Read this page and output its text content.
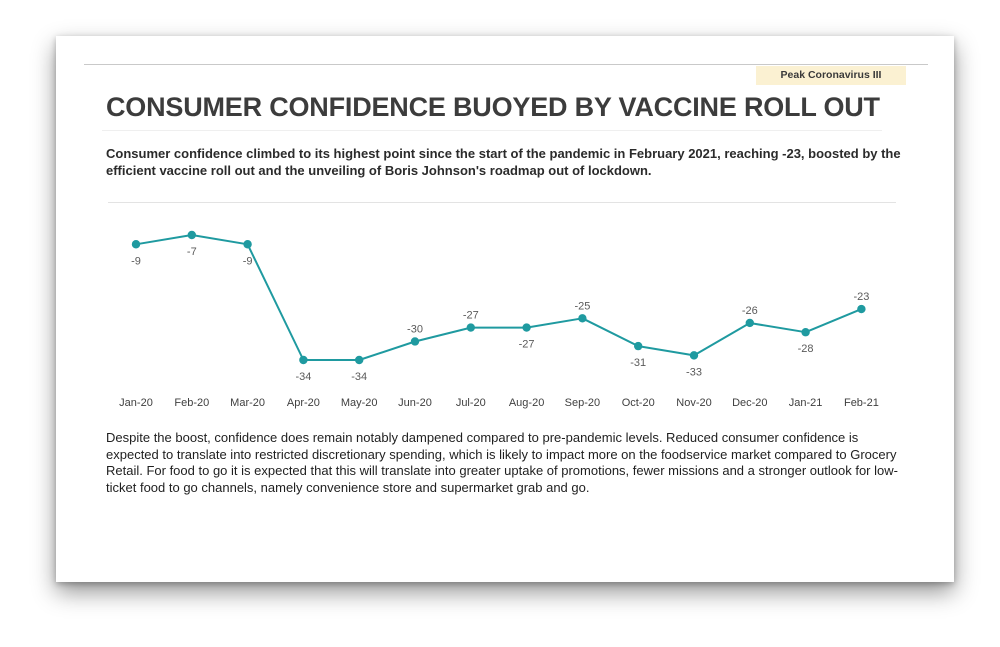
Peak Coronavirus III
CONSUMER CONFIDENCE BUOYED BY VACCINE ROLL OUT

Consumer confidence climbed to its highest point since the start of the pandemic in February 2021, reaching -23, boosted by the efficient vaccine roll out and the unveiling of Boris Johnson's roadmap out of lockdown.

-9
-7
-9
-34	-34
-30
-27
-27
-25
-31
-33
-26
-28
-23
Jan-20 Feb-20 Mar-20 Apr-20 May-20 Jun-20 Jul-20 Aug-20 Sep-20 Oct-20 Nov-20 Dec-20 Jan-21 Feb-21

Despite the boost, confidence does remain notably dampened compared to pre-pandemic levels. Reduced consumer confidence is expected to translate into restricted discretionary spending, which is likely to impact more on the foodservice market compared to Grocery Retail. For food to go it is expected that this will translate into greater uptake of promotions, fewer missions and a stronger outlook for low-ticket food to go channels, namely convenience store and supermarket grab and go.
